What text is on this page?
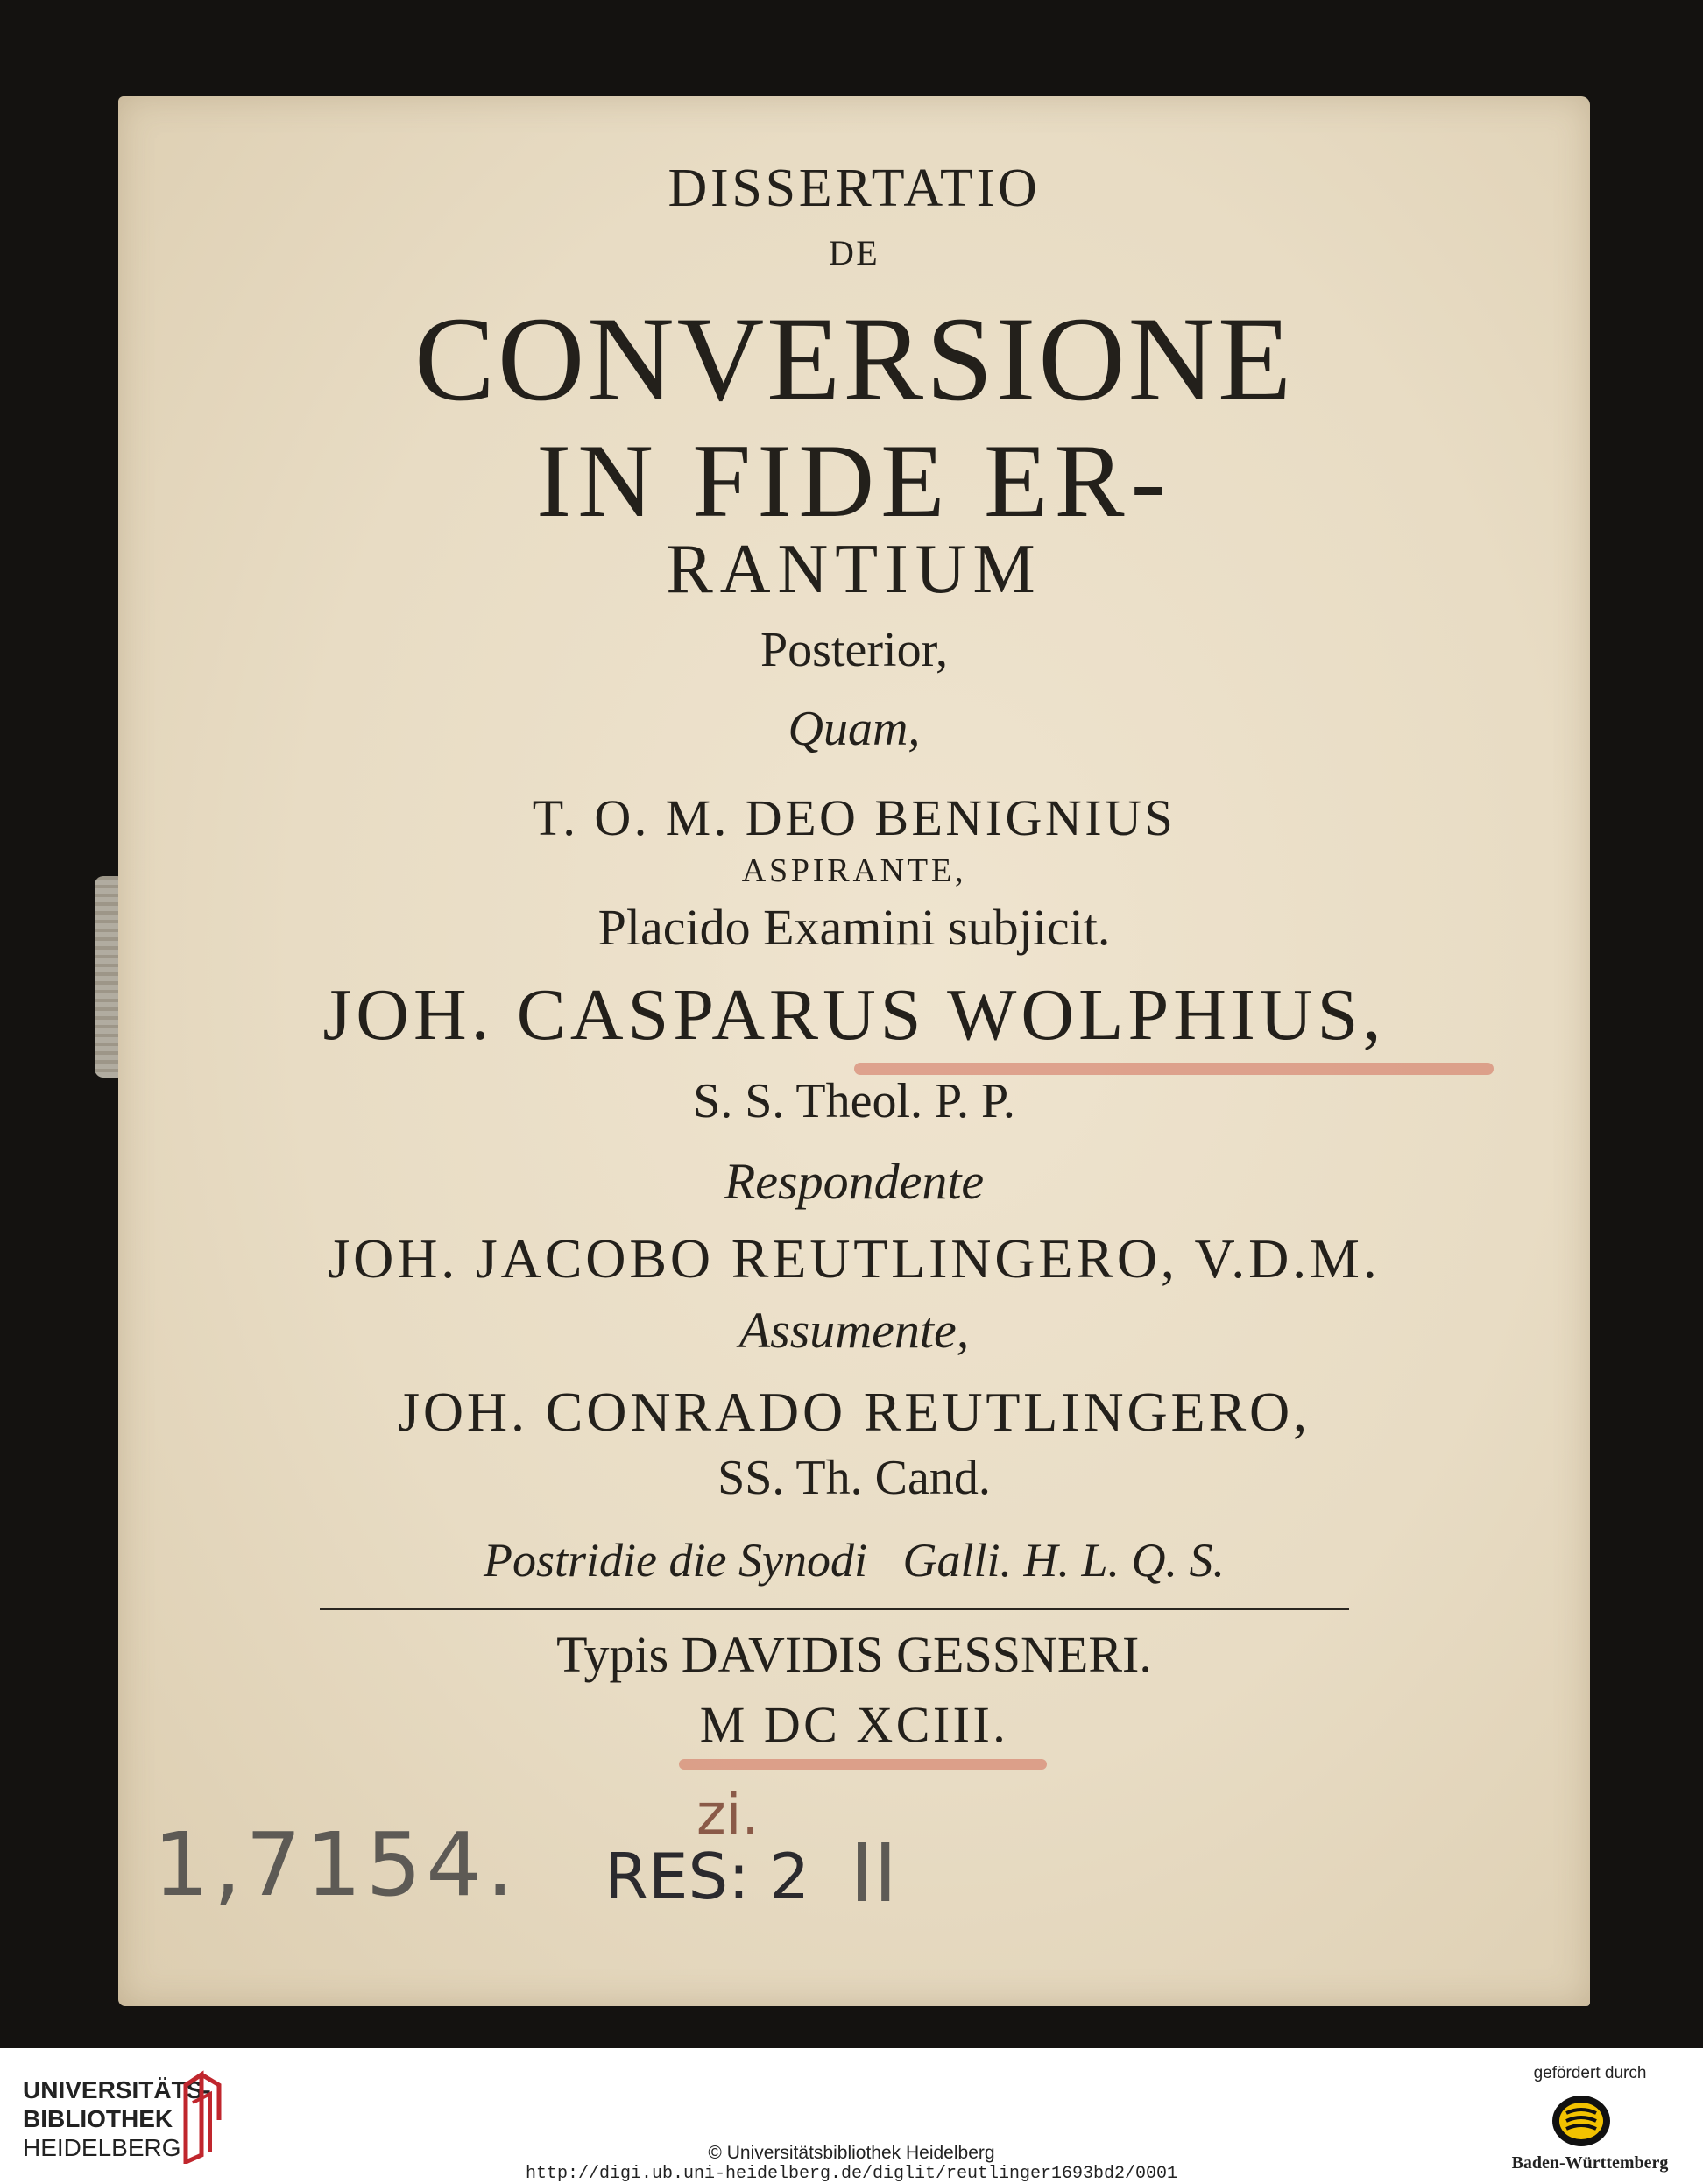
DISSERTATIO
DE
CONVERSIONE
IN FIDE ER-
RANTIUM
Posterior,
Quam,
T. O. M. DEO BENIGNIUS
ASPIRANTE,
Placido Examini subjicit.
JOH. CASPARUS WOLPHIUS,
S. S. Theol. P. P.
Respondente
JOH. JACOBO REUTLINGERO, V.D.M.
Assumente,
JOH. CONRADO REUTLINGERO,
SS. Th. Cand.
Postridie die Synodi   Galli. H. L. Q. S.
Typis DAVIDIS GESSNERI.
M DC XCIII.
1,7154. RES: 2 II
zi.
UNIVERSITÄTS-
BIBLIOTHEK
HEIDELBERG	© Universitätsbibliothek Heidelberg
http://digi.ub.uni-heidelberg.de/diglit/reutlinger1693bd2/0001
gefördert durch
Baden-Württemberg
